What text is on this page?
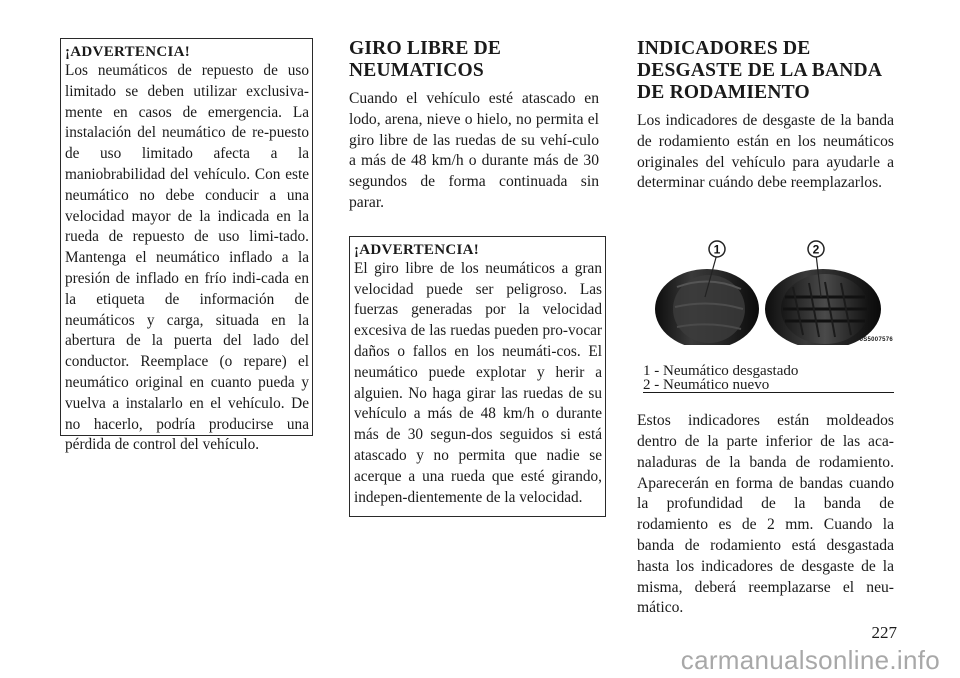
¡ADVERTENCIA!

Los neumáticos de repuesto de uso limitado se deben utilizar exclusiva-mente en casos de emergencia. La instalación del neumático de re-puesto de uso limitado afecta a la maniobrabilidad del vehículo. Con este neumático no debe conducir a una velocidad mayor de la indicada en la rueda de repuesto de uso limi-tado. Mantenga el neumático inflado a la presión de inflado en frío indi-cada en la etiqueta de información de neumáticos y carga, situada en la abertura de la puerta del lado del conductor. Reemplace (o repare) el neumático original en cuanto pueda y vuelva a instalarlo en el vehículo. De no hacerlo, podría producirse una pérdida de control del vehículo.

GIRO LIBRE DE NEUMATICOS

Cuando el vehículo esté atascado en lodo, arena, nieve o hielo, no permita el giro libre de las ruedas de su vehí-culo a más de 48 km/h o durante más de 30 segundos de forma continuada sin parar.

¡ADVERTENCIA!

El giro libre de los neumáticos a gran velocidad puede ser peligroso. Las fuerzas generadas por la velocidad excesiva de las ruedas pueden pro-vocar daños o fallos en los neumáti-cos. El neumático puede explotar y herir a alguien. No haga girar las ruedas de su vehículo a más de 48 km/h o durante más de 30 segun-dos seguidos si está atascado y no permita que nadie se acerque a una rueda que esté girando, indepen-dientemente de la velocidad.

INDICADORES DE DESGASTE DE LA BANDA DE RODAMIENTO

Los indicadores de desgaste de la banda de rodamiento están en los neumáticos originales del vehículo para ayudarle a determinar cuándo debe reemplazarlos.

1	2
0S5007576
1 - Neumático desgastado
2 - Neumático nuevo

Estos indicadores están moldeados dentro de la parte inferior de las aca-naladuras de la banda de rodamiento. Aparecerán en forma de bandas cuando la profundidad de la banda de rodamiento es de 2 mm. Cuando la banda de rodamiento está desgastada hasta los indicadores de desgaste de la misma, deberá reemplazarse el neu-mático.

227
carmanualsonline.info
